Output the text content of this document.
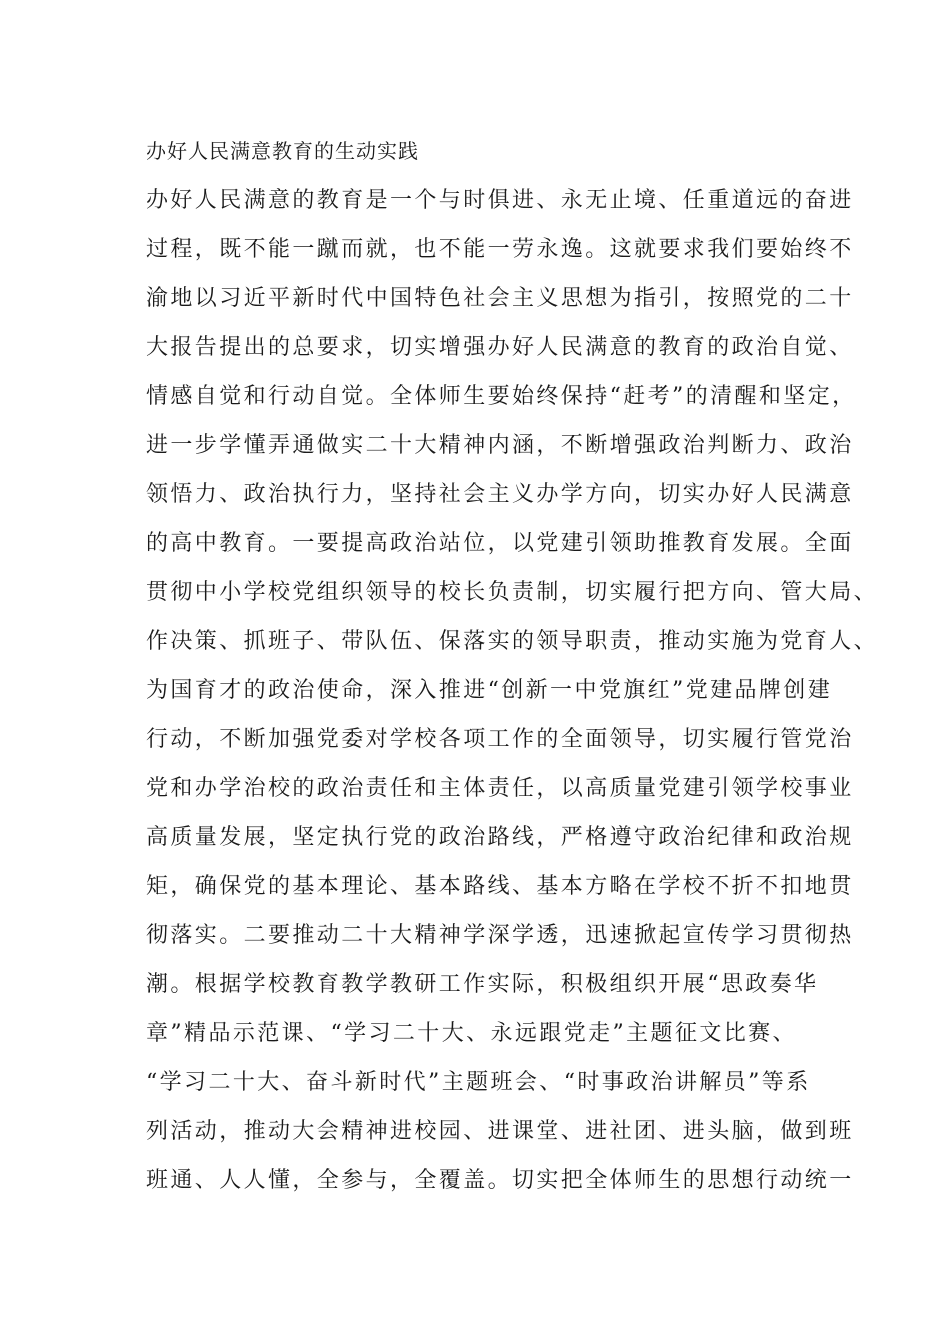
办好人民满意教育的生动实践
办好人民满意的教育是一个与时俱进、永无止境、任重道远的奋进
过程，既不能一蹴而就，也不能一劳永逸。这就要求我们要始终不
渝地以习近平新时代中国特色社会主义思想为指引，按照党的二十
大报告提出的总要求，切实增强办好人民满意的教育的政治自觉、
情感自觉和行动自觉。全体师生要始终保持“赶考”的清醒和坚定，
进一步学懂弄通做实二十大精神内涵，不断增强政治判断力、政治
领悟力、政治执行力，坚持社会主义办学方向，切实办好人民满意
的高中教育。一要提高政治站位，以党建引领助推教育发展。全面
贯彻中小学校党组织领导的校长负责制，切实履行把方向、管大局、
作决策、抓班子、带队伍、保落实的领导职责，推动实施为党育人、
为国育才的政治使命，深入推进“创新一中党旗红”党建品牌创建
行动，不断加强党委对学校各项工作的全面领导，切实履行管党治
党和办学治校的政治责任和主体责任，以高质量党建引领学校事业
高质量发展，坚定执行党的政治路线，严格遵守政治纪律和政治规
矩，确保党的基本理论、基本路线、基本方略在学校不折不扣地贯
彻落实。二要推动二十大精神学深学透，迅速掀起宣传学习贯彻热
潮。根据学校教育教学教研工作实际，积极组织开展“思政奏华
章”精品示范课、“学习二十大、永远跟党走”主题征文比赛、
“学习二十大、奋斗新时代”主题班会、“时事政治讲解员”等系
列活动，推动大会精神进校园、进课堂、进社团、进头脑，做到班
班通、人人懂，全参与，全覆盖。切实把全体师生的思想行动统一
